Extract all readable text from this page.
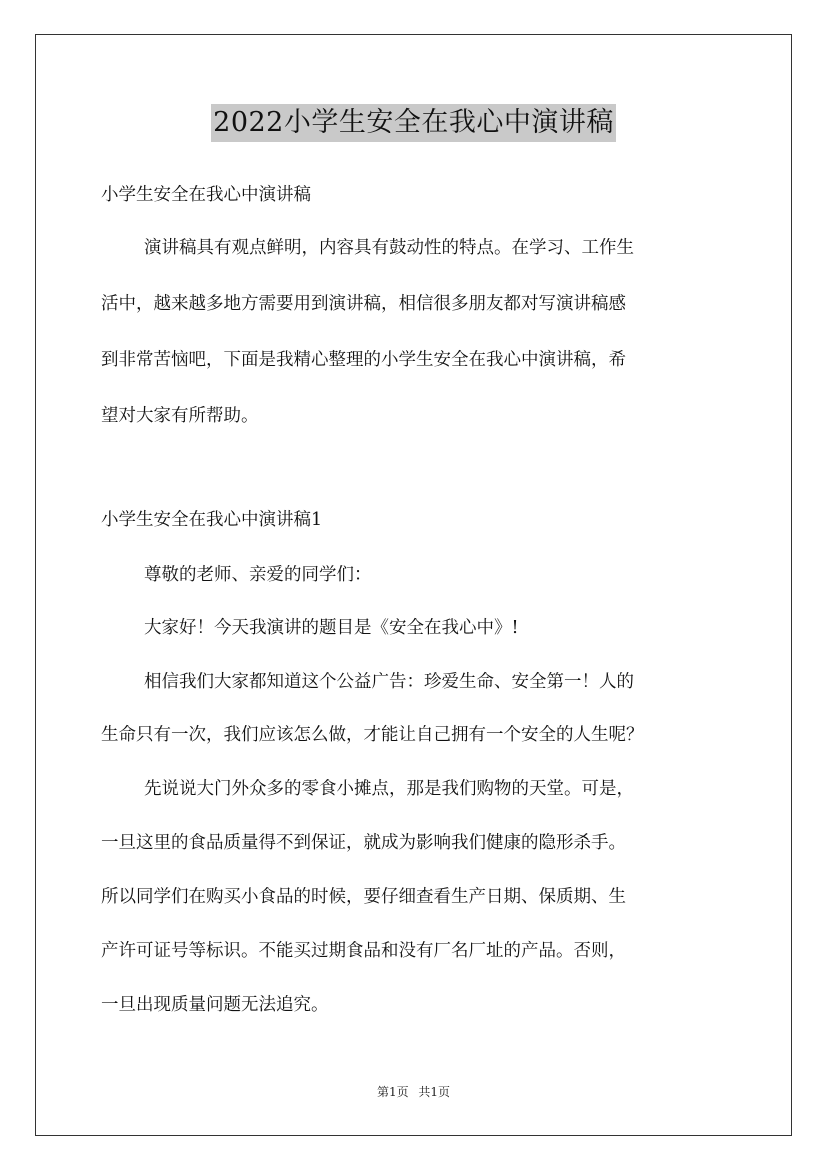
2022小学生安全在我心中演讲稿
小学生安全在我心中演讲稿
演讲稿具有观点鲜明，内容具有鼓动性的特点。在学习、工作生
活中，越来越多地方需要用到演讲稿，相信很多朋友都对写演讲稿感
到非常苦恼吧，下面是我精心整理的小学生安全在我心中演讲稿，希
望对大家有所帮助。
小学生安全在我心中演讲稿1
尊敬的老师、亲爱的同学们：
大家好！今天我演讲的题目是《安全在我心中》!
相信我们大家都知道这个公益广告：珍爱生命、安全第一！人的
生命只有一次，我们应该怎么做，才能让自己拥有一个安全的人生呢？
先说说大门外众多的零食小摊点，那是我们购物的天堂。可是，
一旦这里的食品质量得不到保证，就成为影响我们健康的隐形杀手。
所以同学们在购买小食品的时候，要仔细查看生产日期、保质期、生
产许可证号等标识。不能买过期食品和没有厂名厂址的产品。否则，
一旦出现质量问题无法追究。
第1页 共1页
